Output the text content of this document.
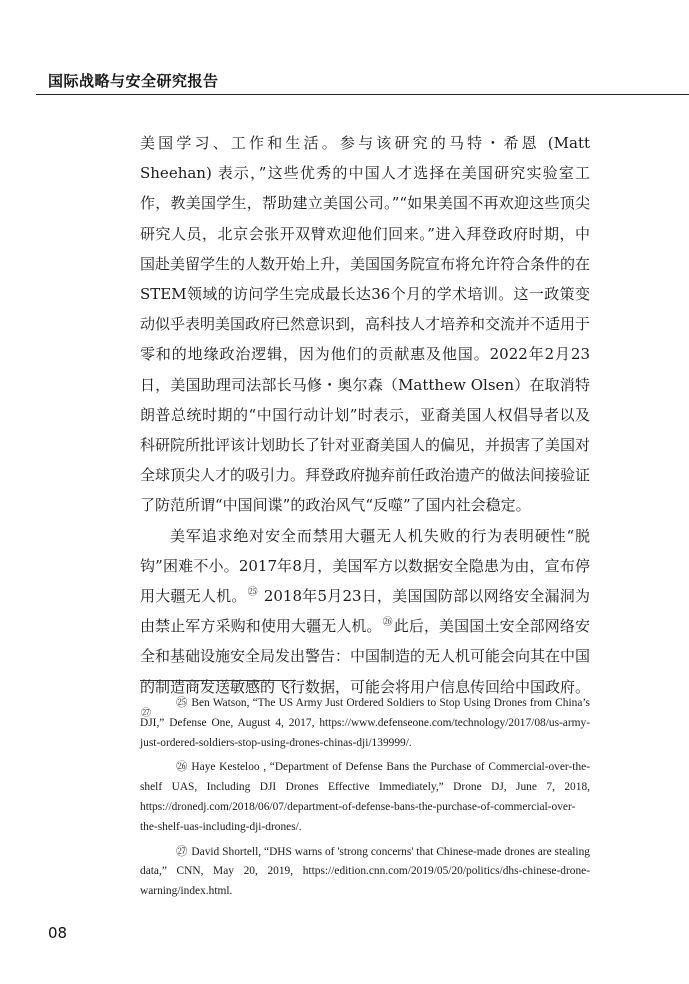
国际战略与安全研究报告

美国学习、工作和生活。参与该研究的马特・希恩 (Matt Sheehan) 表示，”这些优秀的中国人才选择在美国研究实验室工作，教美国学生，帮助建立美国公司。”“如果美国不再欢迎这些顶尖研究人员，北京会张开双臂欢迎他们回来。”进入拜登政府时期，中国赴美留学生的人数开始上升，美国国务院宣布将允许符合条件的在STEM领域的访问学生完成最长达36个月的学术培训。这一政策变动似乎表明美国政府已然意识到，高科技人才培养和交流并不适用于零和的地缘政治逻辑，因为他们的贡献惠及他国。2022年2月23日，美国助理司法部长马修・奥尔森（Matthew Olsen）在取消特朗普总统时期的“中国行动计划”时表示，亚裔美国人权倡导者以及科研院所批评该计划助长了针对亚裔美国人的偏见，并损害了美国对全球顶尖人才的吸引力。拜登政府抛弃前任政治遗产的做法间接验证了防范所谓“中国间谍”的政治风气“反噬”了国内社会稳定。

美军追求绝对安全而禁用大疆无人机失败的行为表明硬性“脱钩”困难不小。2017年8月，美国军方以数据安全隐患为由，宣布停用大疆无人机。$^㉕$ 2018年5月23日，美国国防部以网络安全漏洞为由禁止军方采购和使用大疆无人机。$^㉖$此后，美国国土安全部网络安全和基础设施安全局发出警告：中国制造的无人机可能会向其在中国的制造商发送敏感的飞行数据，可能会将用户信息传回给中国政府。$^㉗$

㉕ Ben Watson, “The US Army Just Ordered Soldiers to Stop Using Drones from China’s DJI,” Defense One, August 4, 2017, https://www.defenseone.com/technology/2017/08/us-army-just-ordered-soldiers-stop-using-drones-chinas-dji/139999/.
㉖ Haye Kesteloo , “Department of Defense Bans the Purchase of Commercial-over-the-shelf UAS, Including DJI Drones Effective Immediately,” Drone DJ, June 7, 2018, https://dronedj.com/2018/06/07/department-of-defense-bans-the-purchase-of-commercial-over-the-shelf-uas-including-dji-drones/.
㉗ David Shortell, “DHS warns of 'strong concerns' that Chinese-made drones are stealing data,” CNN, May 20, 2019, https://edition.cnn.com/2019/05/20/politics/dhs-chinese-drone-warning/index.html.
08
